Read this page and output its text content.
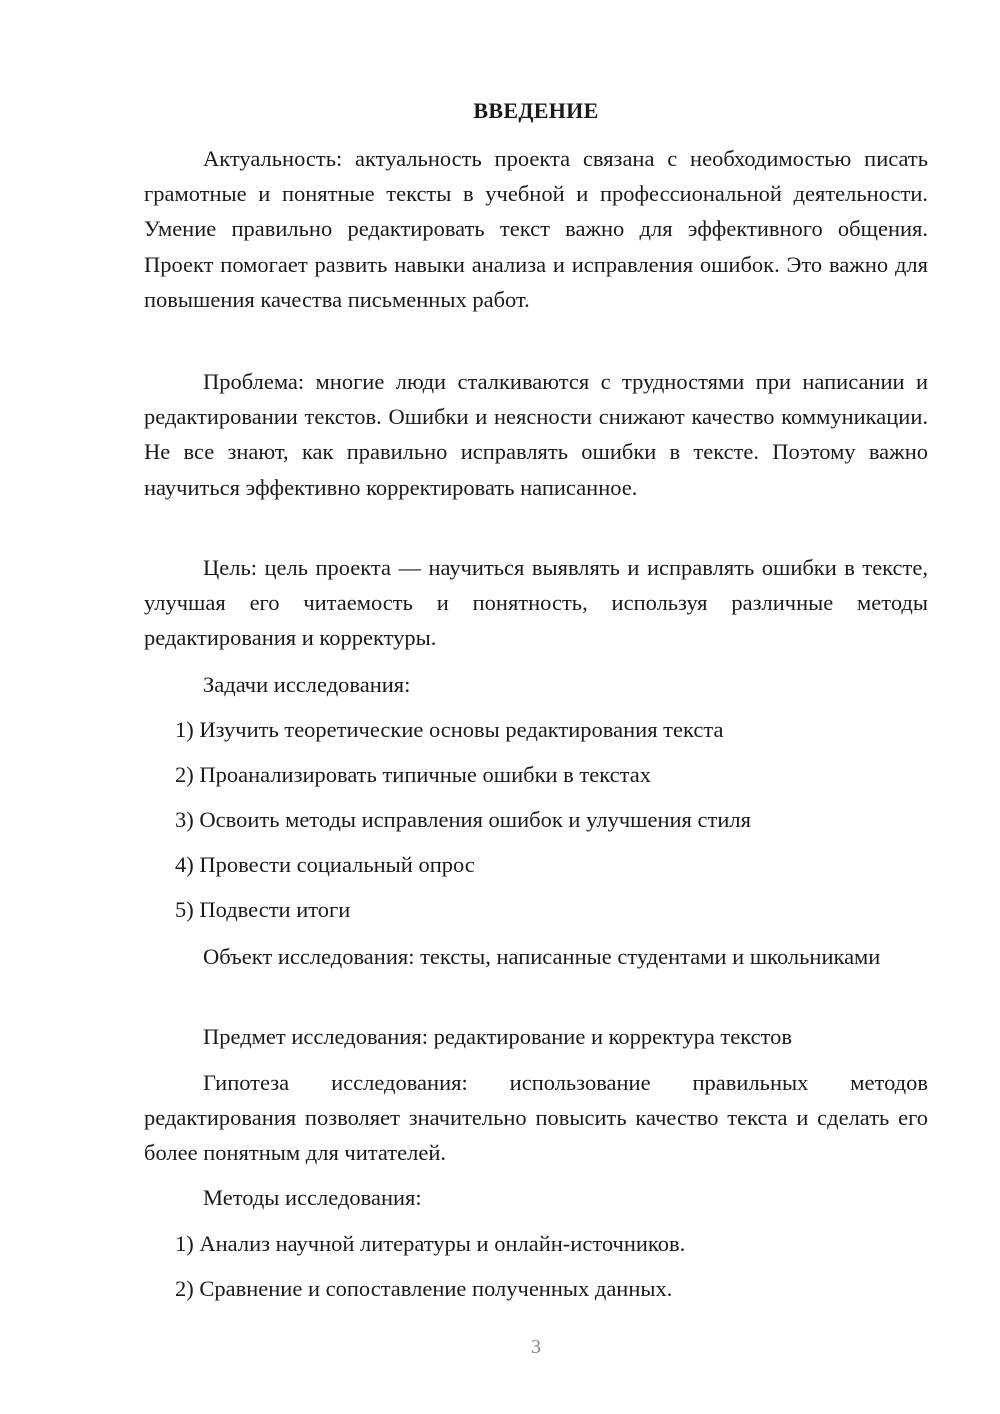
ВВЕДЕНИЕ

Актуальность: актуальность проекта связана с необходимостью писать грамотные и понятные тексты в учебной и профессиональной деятельности. Умение правильно редактировать текст важно для эффективного общения. Проект помогает развить навыки анализа и исправления ошибок. Это важно для повышения качества письменных работ.

Проблема: многие люди сталкиваются с трудностями при написании и редактировании текстов. Ошибки и неясности снижают качество коммуникации. Не все знают, как правильно исправлять ошибки в тексте. Поэтому важно научиться эффективно корректировать написанное.

Цель: цель проекта — научиться выявлять и исправлять ошибки в тексте, улучшая его читаемость и понятность, используя различные методы редактирования и корректуры.

Задачи исследования:
1) Изучить теоретические основы редактирования текста
2) Проанализировать типичные ошибки в текстах
3) Освоить методы исправления ошибок и улучшения стиля
4) Провести социальный опрос
5) Подвести итоги

Объект исследования: тексты, написанные студентами и школьниками

Предмет исследования: редактирование и корректура текстов

Гипотеза исследования: использование правильных методов редактирования позволяет значительно повысить качество текста и сделать его более понятным для читателей.

Методы исследования:
1) Анализ научной литературы и онлайн-источников.
2) Сравнение и сопоставление полученных данных.
3
